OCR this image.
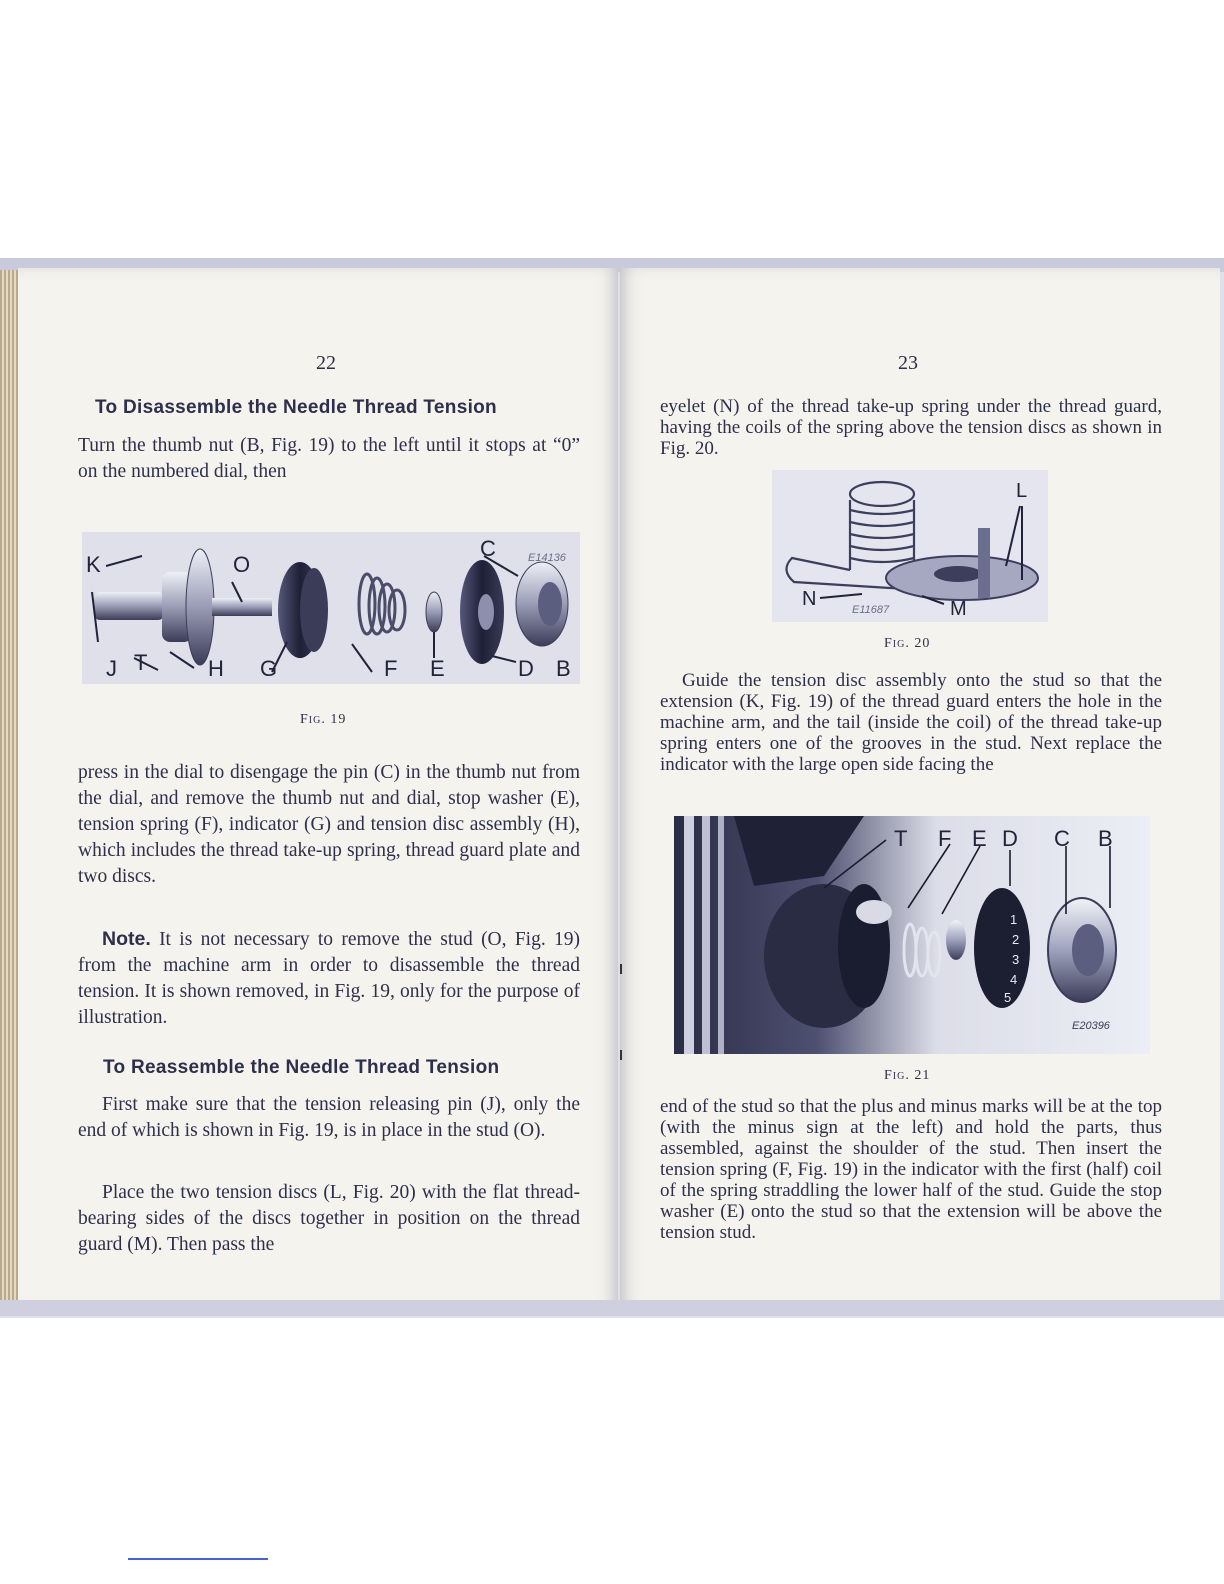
22
To Disassemble the Needle Thread Tension
Turn the thumb nut (B, Fig. 19) to the left until it stops at “0” on the numbered dial, then
K	O
C	E14136
J T	H G	F E	D B
Fig. 19
press in the dial to disengage the pin (C) in the thumb nut from the dial, and remove the thumb nut and dial, stop washer (E), tension spring (F), indicator (G) and tension disc assembly (H), which includes the thread take-up spring, thread guard plate and two discs.
Note. It is not necessary to remove the stud (O, Fig. 19) from the machine arm in order to disassemble the thread tension. It is shown removed, in Fig. 19, only for the purpose of illustration.
To Reassemble the Needle Thread Tension
First make sure that the tension releasing pin (J), only the end of which is shown in Fig. 19, is in place in the stud (O).
Place the two tension discs (L, Fig. 20) with the flat thread-bearing sides of the discs together in position on the thread guard (M). Then pass the
23
eyelet (N) of the thread take-up spring under the thread guard, having the coils of the spring above the tension discs as shown in Fig. 20.
L
N	E11687	M
Fig. 20
Guide the tension disc assembly onto the stud so that the extension (K, Fig. 19) of the thread guard enters the hole in the machine arm, and the tail (inside the coil) of the thread take-up spring enters one of the grooves in the stud. Next replace the indicator with the large open side facing the
T F E D C B
1
2
3
4
5
E20396
Fig. 21
end of the stud so that the plus and minus marks will be at the top (with the minus sign at the left) and hold the parts, thus assembled, against the shoulder of the stud. Then insert the tension spring (F, Fig. 19) in the indicator with the first (half) coil of the spring straddling the lower half of the stud. Guide the stop washer (E) onto the stud so that the extension will be above the tension stud.
